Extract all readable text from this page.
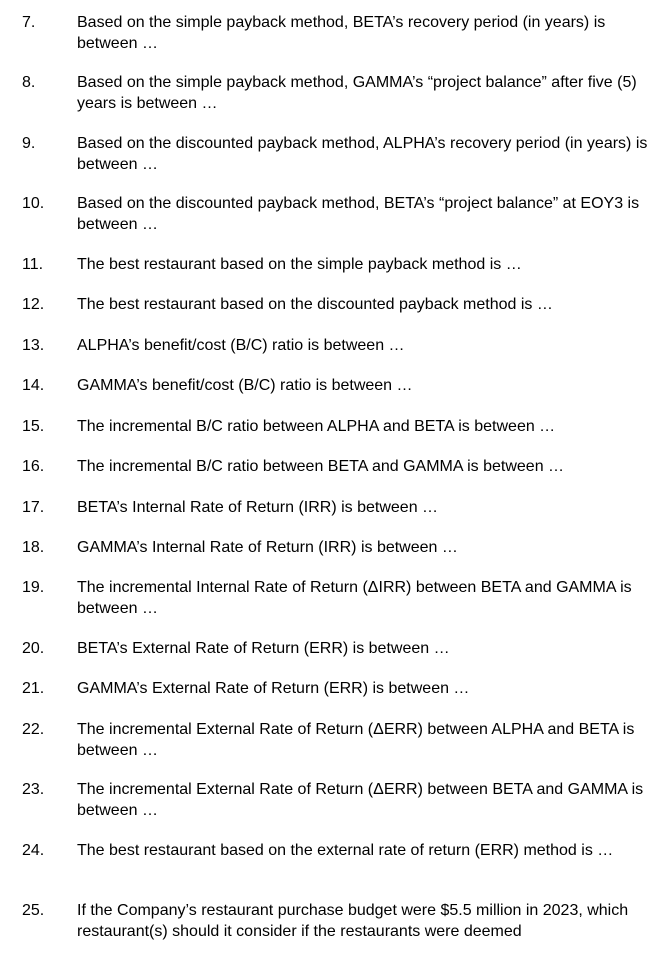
7.	Based on the simple payback method, BETA’s recovery period (in years) is between …
8.	Based on the simple payback method, GAMMA’s “project balance” after five (5) years is between …
9.	Based on the discounted payback method, ALPHA’s recovery period (in years) is between …
10. Based on the discounted payback method, BETA’s “project balance” at EOY3 is between …
11. The best restaurant based on the simple payback method is …
12. The best restaurant based on the discounted payback method is …
13. ALPHA’s benefit/cost (B/C) ratio is between …
14. GAMMA’s benefit/cost (B/C) ratio is between …
15. The incremental B/C ratio between ALPHA and BETA is between …
16. The incremental B/C ratio between BETA and GAMMA is between …
17. BETA’s Internal Rate of Return (IRR) is between …
18. GAMMA’s Internal Rate of Return (IRR) is between …
19. The incremental Internal Rate of Return (ΔIRR) between BETA and GAMMA is between …
20. BETA’s External Rate of Return (ERR) is between …
21. GAMMA’s External Rate of Return (ERR) is between …
22. The incremental External Rate of Return (ΔERR) between ALPHA and BETA is between …
23. The incremental External Rate of Return (ΔERR) between BETA and GAMMA is between …
24. The best restaurant based on the external rate of return (ERR) method is …
25. If the Company’s restaurant purchase budget were $5.5 million in 2023, which restaurant(s) should it consider if the restaurants were deemed
